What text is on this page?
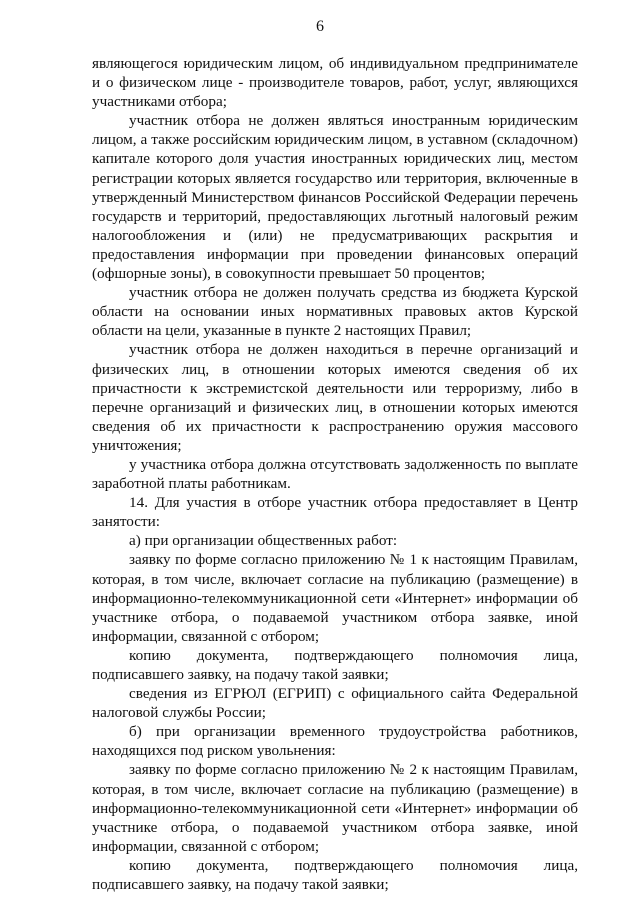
6

являющегося юридическим лицом, об индивидуальном предпринимателе и о физическом лице - производителе товаров, работ, услуг, являющихся участниками отбора;

участник отбора не должен являться иностранным юридическим лицом, а также российским юридическим лицом, в уставном (складочном) капитале которого доля участия иностранных юридических лиц, местом регистрации которых является государство или территория, включенные в утвержденный Министерством финансов Российской Федерации перечень государств и территорий, предоставляющих льготный налоговый режим налогообложения и (или) не предусматривающих раскрытия и предоставления информации при проведении финансовых операций (офшорные зоны), в совокупности превышает 50 процентов;

участник отбора не должен получать средства из бюджета Курской области на основании иных нормативных правовых актов Курской области на цели, указанные в пункте 2 настоящих Правил;

участник отбора не должен находиться в перечне организаций и физических лиц, в отношении которых имеются сведения об их причастности к экстремистской деятельности или терроризму, либо в перечне организаций и физических лиц, в отношении которых имеются сведения об их причастности к распространению оружия массового уничтожения;

у участника отбора должна отсутствовать задолженность по выплате заработной платы работникам.

14. Для участия в отборе участник отбора предоставляет в Центр занятости:

а) при организации общественных работ:

заявку по форме согласно приложению № 1 к настоящим Правилам, которая, в том числе, включает согласие на публикацию (размещение) в информационно-телекоммуникационной сети «Интернет» информации об участнике отбора, о подаваемой участником отбора заявке, иной информации, связанной с отбором;

копию документа, подтверждающего полномочия лица, подписавшего заявку, на подачу такой заявки;

сведения из ЕГРЮЛ (ЕГРИП) с официального сайта Федеральной налоговой службы России;

б) при организации временного трудоустройства работников, находящихся под риском увольнения:

заявку по форме согласно приложению № 2 к настоящим Правилам, которая, в том числе, включает согласие на публикацию (размещение) в информационно-телекоммуникационной сети «Интернет» информации об участнике отбора, о подаваемой участником отбора заявке, иной информации, связанной с отбором;

копию документа, подтверждающего полномочия лица, подписавшего заявку, на подачу такой заявки;
